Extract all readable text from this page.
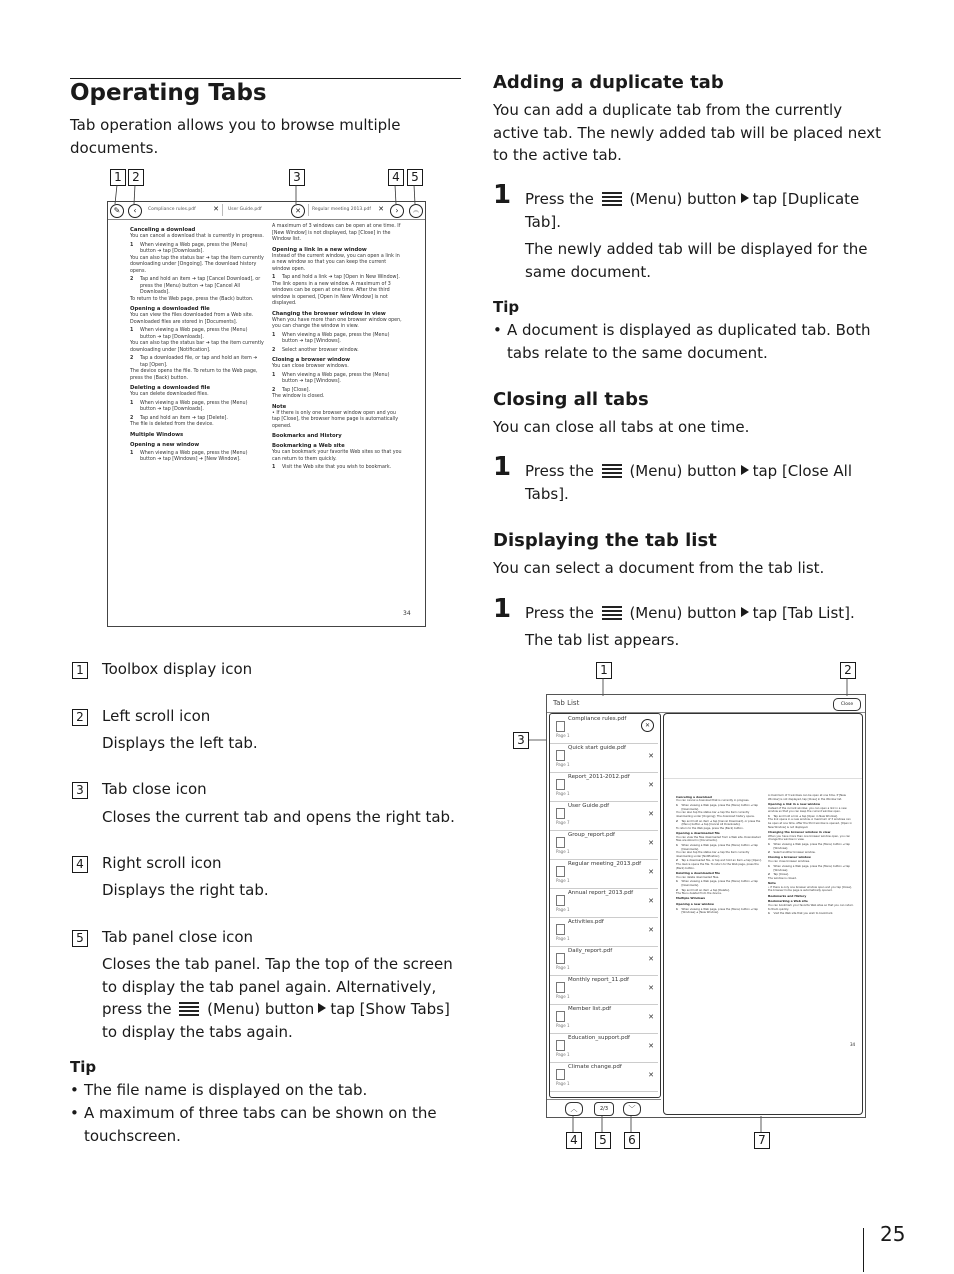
Operating Tabs
Tab operation allows you to browse multiple documents.
1 2	3	4 5
✎	‹	Compliance rules.pdf ✕ User Guide.pdf	✕	Regular meeting 2013.pdf ✕	›	︽
Canceling a download
You can cancel a download that is currently in progress.
1	When viewing a Web page, press the (Menu) button ➜ tap [Downloads].
You can also tap the status bar ➜ tap the item currently downloading under [Ongoing]. The download history opens.
2	Tap and hold an item ➜ tap [Cancel Download], or press the (Menu) button ➜ tap [Cancel All Downloads].
To return to the Web page, press the (Back) button.
Opening a downloaded file
You can view the files downloaded from a Web site. Downloaded files are stored in [Documents].
1	When viewing a Web page, press the (Menu) button ➜ tap [Downloads].
You can also tap the status bar ➜ tap the item currently downloading under [Notification].
2	Tap a downloaded file, or tap and hold an item ➜ tap [Open].
The device opens the file. To return to the Web page, press the (Back) button.
Deleting a downloaded file
You can delete downloaded files.
1	When viewing a Web page, press the (Menu) button ➜ tap [Downloads].
2	Tap and hold an item ➜ tap [Delete].
The file is deleted from the device.
Multiple Windows
Opening a new window
1	When viewing a Web page, press the (Menu) button ➜ tap [Windows] ➜ [New Window].
A maximum of 3 windows can be open at one time. If [New Window] is not displayed, tap [Close] in the Window list.
Opening a link in a new window
Instead of the current window, you can open a link in a new window so that you can keep the current window open.
1	Tap and hold a link ➜ tap [Open in New Window].
The link opens in a new window. A maximum of 3 windows can be open at one time. After the third window is opened, [Open in New Window] is not displayed.
Changing the browser window in view
When you have more than one browser window open, you can change the window in view.
1	When viewing a Web page, press the (Menu) button ➜ tap [Windows].
2	Select another browser window.
Closing a browser window
You can close browser windows.
1	When viewing a Web page, press the (Menu) button ➜ tap [Windows].
2	Tap [Close].
The window is closed.
Note
• If there is only one browser window open and you tap [Close], the browser home page is automatically opened.
Bookmarks and History
Bookmarking a Web site
You can bookmark your favorite Web sites so that you can return to them quickly.
1	Visit the Web site that you wish to bookmark.
34
1 Toolbox display icon
2 Left scroll icon
Displays the left tab.
3 Tab close icon
Closes the current tab and opens the right tab.
4 Right scroll icon
Displays the right tab.
5 Tab panel close icon
Closes the tab panel. Tap the top of the screen to display the tab panel again. Alternatively, press the (Menu) button tap [Show Tabs] to display the tabs again.
Tip
• The file name is displayed on the tab.
• A maximum of three tabs can be shown on the touchscreen.
Adding a duplicate tab
You can add a duplicate tab from the currently active tab. The newly added tab will be placed next to the active tab.
1 Press the (Menu) button tap [Duplicate Tab].
The newly added tab will be displayed for the same document.
Tip
• A document is displayed as duplicated tab. Both tabs relate to the same document.
Closing all tabs
You can close all tabs at one time.
1 Press the (Menu) button tap [Close All Tabs].
Displaying the tab list
You can select a document from the tab list.
1 Press the (Menu) button tap [Tab List].
The tab list appears.
1	2
3
4	5	6	7
Tab List	Close
Compliance rules.pdf
Page 1
✕
Quick start guide.pdf
Page 1
✕
Report_2011-2012.pdf
Page 1
✕
User Guide.pdf
Page 7
✕
Group_report.pdf
Page 1
✕
Regular meeting_2013.pdf
Page 1
✕
Annual report_2013.pdf
Page 1
✕
Activities.pdf
Page 1
✕
Daily_report.pdf
Page 1
✕
Monthly report_11.pdf
Page 1
✕
Member list.pdf
Page 1
✕
Education_support.pdf
Page 1
✕
Climate change.pdf
Page 1
✕
︿	2/3	﹀
Canceling a download
You can cancel a download that is currently in progress.
1	When viewing a Web page, press the (Menu) button ➜ tap [Downloads].
You can also tap the status bar ➜ tap the item currently downloading under [Ongoing]. The download history opens.
2	Tap and hold an item ➜ tap [Cancel Download], or press the (Menu) button ➜ tap [Cancel All Downloads].
To return to the Web page, press the (Back) button.
Opening a downloaded file
You can view the files downloaded from a Web site. Downloaded files are stored in [Documents].
1	When viewing a Web page, press the (Menu) button ➜ tap [Downloads].
You can also tap the status bar ➜ tap the item currently downloading under [Notification].
2	Tap a downloaded file, or tap and hold an item ➜ tap [Open].
The device opens the file. To return to the Web page, press the (Back) button.
Deleting a downloaded file
You can delete downloaded files.
1	When viewing a Web page, press the (Menu) button ➜ tap [Downloads].
2	Tap and hold an item ➜ tap [Delete].
The file is deleted from the device.
Multiple Windows
Opening a new window
1	When viewing a Web page, press the (Menu) button ➜ tap [Windows] ➜ [New Window].
A maximum of 3 windows can be open at one time. If [New Window] is not displayed, tap [Close] in the Window list.
Opening a link in a new window
Instead of the current window, you can open a link in a new window so that you can keep the current window open.
1	Tap and hold a link ➜ tap [Open in New Window].
The link opens in a new window. A maximum of 3 windows can be open at one time. After the third window is opened, [Open in New Window] is not displayed.
Changing the browser window in view
When you have more than one browser window open, you can change the window in view.
1	When viewing a Web page, press the (Menu) button ➜ tap [Windows].
2	Select another browser window.
Closing a browser window
You can close browser windows.
1	When viewing a Web page, press the (Menu) button ➜ tap [Windows].
2	Tap [Close].
The window is closed.
Note
• If there is only one browser window open and you tap [Close], the browser home page is automatically opened.
Bookmarks and History
Bookmarking a Web site
You can bookmark your favorite Web sites so that you can return to them quickly.
1	Visit the Web site that you wish to bookmark.
34
25
